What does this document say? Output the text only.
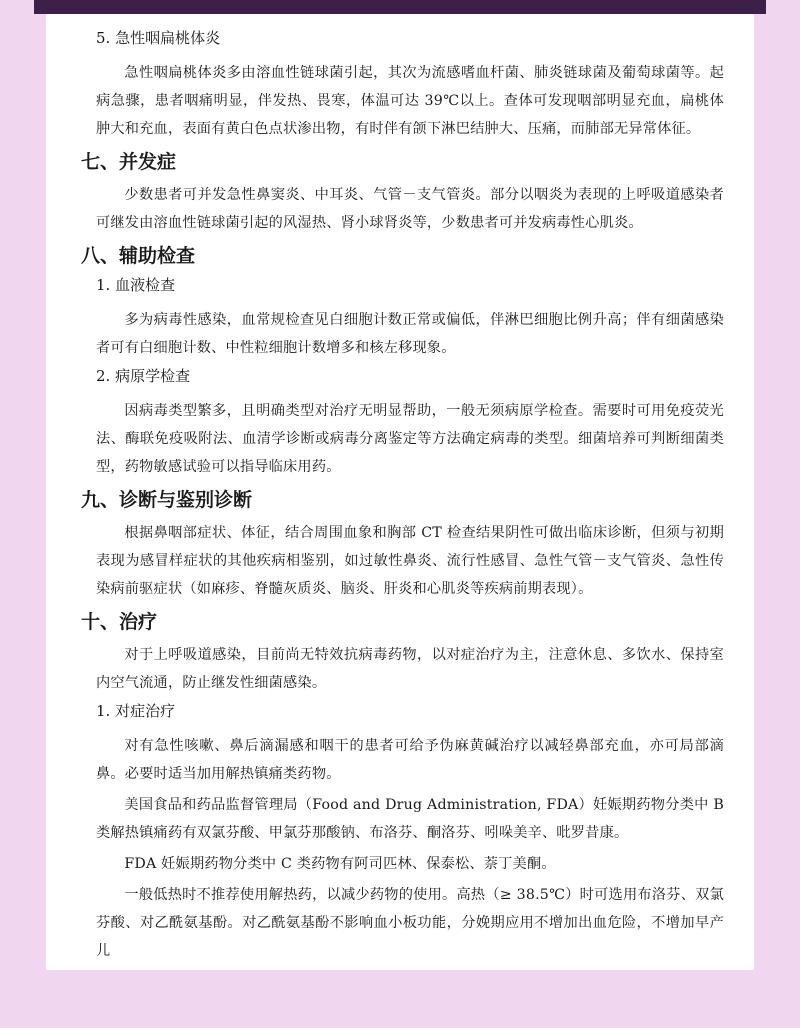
5. 急性咽扁桃体炎
急性咽扁桃体炎多由溶血性链球菌引起，其次为流感嗜血杆菌、肺炎链球菌及葡萄球菌等。起病急骤，患者咽痛明显，伴发热、畏寒，体温可达 39℃以上。查体可发现咽部明显充血，扁桃体肿大和充血，表面有黄白色点状渗出物，有时伴有颌下淋巴结肿大、压痛，而肺部无异常体征。
七、并发症
少数患者可并发急性鼻窦炎、中耳炎、气管－支气管炎。部分以咽炎为表现的上呼吸道感染者可继发由溶血性链球菌引起的风湿热、肾小球肾炎等，少数患者可并发病毒性心肌炎。
八、辅助检查
1. 血液检查
多为病毒性感染，血常规检查见白细胞计数正常或偏低，伴淋巴细胞比例升高；伴有细菌感染者可有白细胞计数、中性粒细胞计数增多和核左移现象。
2. 病原学检查
因病毒类型繁多，且明确类型对治疗无明显帮助，一般无须病原学检查。需要时可用免疫荧光法、酶联免疫吸附法、血清学诊断或病毒分离鉴定等方法确定病毒的类型。细菌培养可判断细菌类型，药物敏感试验可以指导临床用药。
九、诊断与鉴别诊断
根据鼻咽部症状、体征，结合周围血象和胸部 CT 检查结果阴性可做出临床诊断，但须与初期表现为感冒样症状的其他疾病相鉴别，如过敏性鼻炎、流行性感冒、急性气管－支气管炎、急性传染病前驱症状（如麻疹、脊髓灰质炎、脑炎、肝炎和心肌炎等疾病前期表现）。
十、治疗
对于上呼吸道感染，目前尚无特效抗病毒药物，以对症治疗为主，注意休息、多饮水、保持室内空气流通，防止继发性细菌感染。
1. 对症治疗
对有急性咳嗽、鼻后滴漏感和咽干的患者可给予伪麻黄碱治疗以减轻鼻部充血，亦可局部滴鼻。必要时适当加用解热镇痛类药物。
美国食品和药品监督管理局（Food and Drug Administration, FDA）妊娠期药物分类中 B 类解热镇痛药有双氯芬酸、甲氯芬那酸钠、布洛芬、酮洛芬、吲哚美辛、吡罗昔康。
FDA 妊娠期药物分类中 C 类药物有阿司匹林、保泰松、萘丁美酮。
一般低热时不推荐使用解热药，以减少药物的使用。高热（≥ 38.5℃）时可选用布洛芬、双氯芬酸、对乙酰氨基酚。对乙酰氨基酚不影响血小板功能，分娩期应用不增加出血危险，不增加早产儿
